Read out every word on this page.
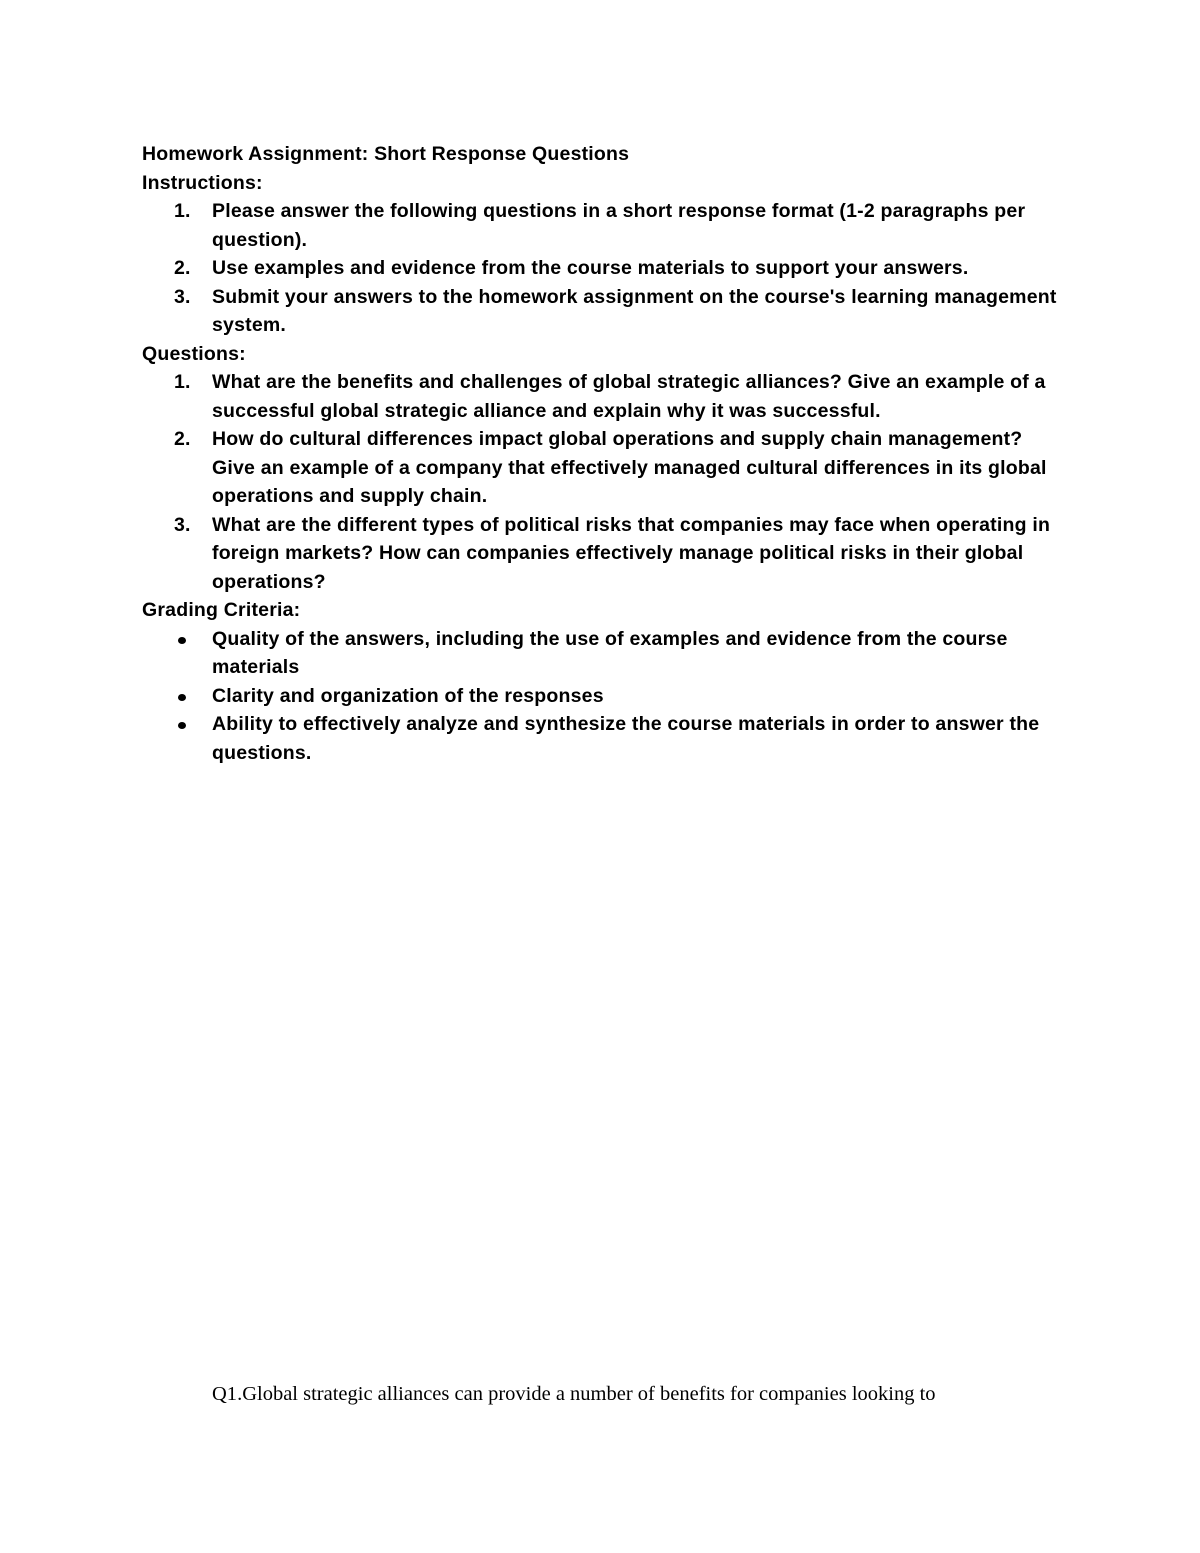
Homework Assignment: Short Response Questions
Instructions:
1. Please answer the following questions in a short response format (1-2 paragraphs per question).
2. Use examples and evidence from the course materials to support your answers.
3. Submit your answers to the homework assignment on the course's learning management system.
Questions:
1. What are the benefits and challenges of global strategic alliances? Give an example of a successful global strategic alliance and explain why it was successful.
2. How do cultural differences impact global operations and supply chain management? Give an example of a company that effectively managed cultural differences in its global operations and supply chain.
3. What are the different types of political risks that companies may face when operating in foreign markets? How can companies effectively manage political risks in their global operations?
Grading Criteria:
Quality of the answers, including the use of examples and evidence from the course materials
Clarity and organization of the responses
Ability to effectively analyze and synthesize the course materials in order to answer the questions.
Q1.Global strategic alliances can provide a number of benefits for companies looking to
